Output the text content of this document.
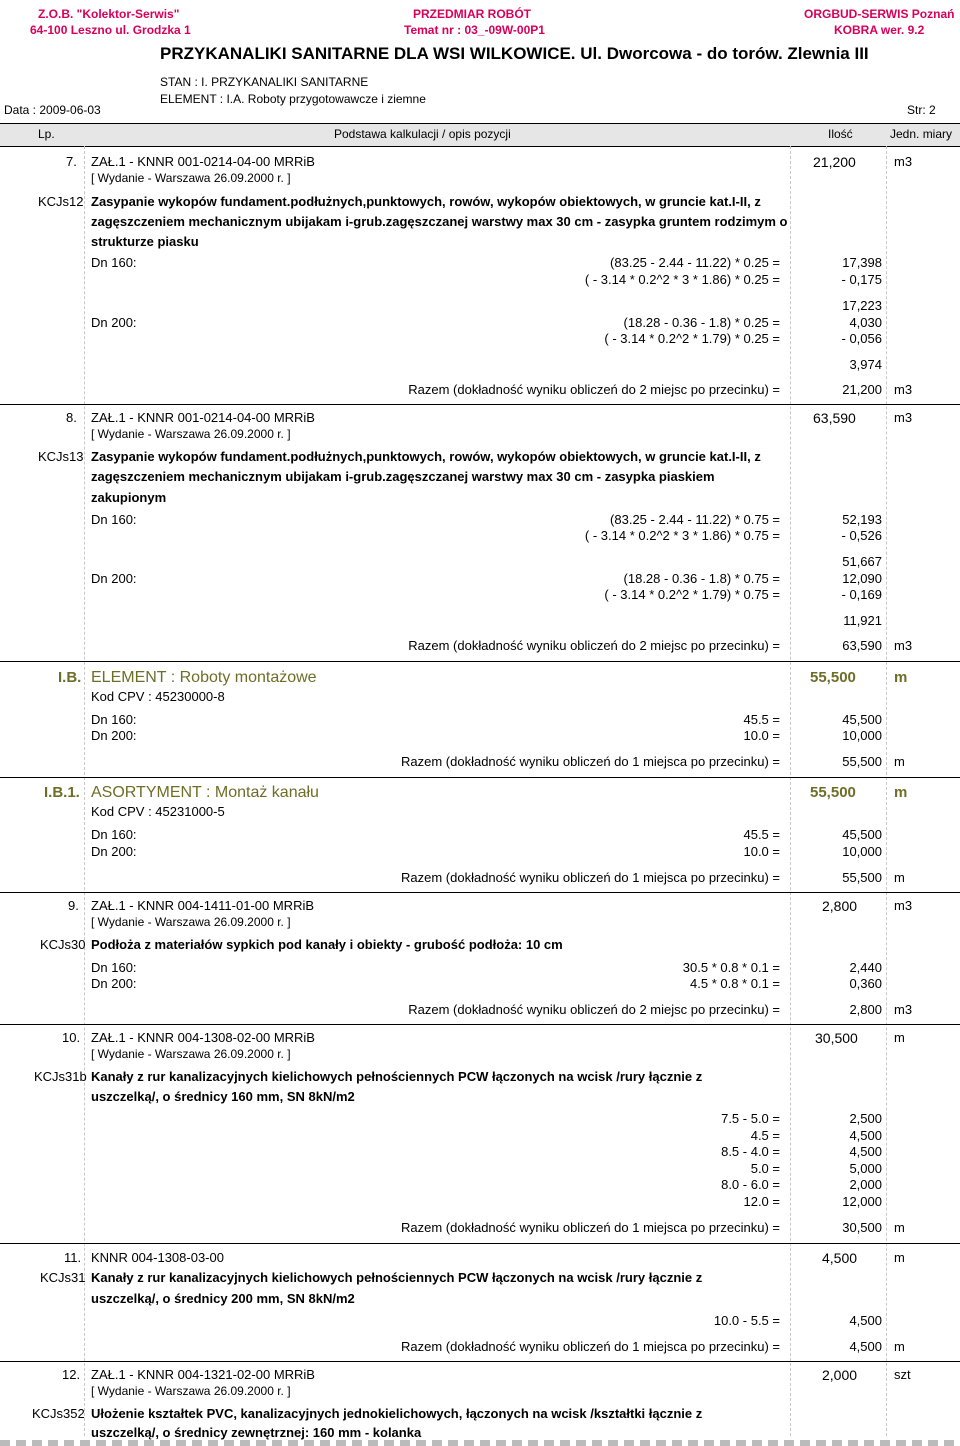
Z.O.B. "Kolektor-Serwis"
64-100 Leszno ul. Grodzka 1
PRZEDMIAR ROBÓT
Temat nr : 03_-09W-00P1
ORGBUD-SERWIS Poznań
KOBRA wer. 9.2
PRZYKANALIKI SANITARNE DLA WSI WILKOWICE. Ul. Dworcowa - do torów. Zlewnia III
STAN : I. PRZYKANALIKI SANITARNE
ELEMENT : I.A. Roboty przygotowawcze i ziemne
Data : 2009-06-03	Str: 2
Lp.	Podstawa kalkulacji / opis pozycji	Ilość	Jedn. miary
7. ZAŁ.1 - KNNR 001-0214-04-00 MRRiB	21,200	m3
[ Wydanie - Warszawa 26.09.2000 r. ]
KCJs12 Zasypanie wykopów fundament.podłużnych,punktowych, rowów, wykopów obiektowych, w gruncie kat.I-II, z
zagęszczeniem mechanicznym ubijakam i-grub.zagęszczanej warstwy max 30 cm - zasypka gruntem rodzimym o
strukturze piasku
Dn 160:	(83.25 - 2.44 - 11.22) * 0.25 =	17,398
( - 3.14 * 0.2^2 * 3 * 1.86) * 0.25 =	- 0,175
17,223
Dn 200:	(18.28 - 0.36 - 1.8) * 0.25 =	4,030
( - 3.14 * 0.2^2 * 1.79) * 0.25 =	- 0,056
3,974
Razem (dokładność wyniku obliczeń do 2 miejsc po przecinku) =	21,200 m3
8. ZAŁ.1 - KNNR 001-0214-04-00 MRRiB	63,590	m3
[ Wydanie - Warszawa 26.09.2000 r. ]
KCJs13 Zasypanie wykopów fundament.podłużnych,punktowych, rowów, wykopów obiektowych, w gruncie kat.I-II, z
zagęszczeniem mechanicznym ubijakam i-grub.zagęszczanej warstwy max 30 cm - zasypka piaskiem
zakupionym
Dn 160:	(83.25 - 2.44 - 11.22) * 0.75 =	52,193
( - 3.14 * 0.2^2 * 3 * 1.86) * 0.75 =	- 0,526
51,667
Dn 200:	(18.28 - 0.36 - 1.8) * 0.75 =	12,090
( - 3.14 * 0.2^2 * 1.79) * 0.75 =	- 0,169
11,921
Razem (dokładność wyniku obliczeń do 2 miejsc po przecinku) =	63,590 m3
I.B. ELEMENT : Roboty montażowe	55,500	m
Kod CPV : 45230000-8
Dn 160:	45.5 =	45,500
Dn 200:	10.0 =	10,000
Razem (dokładność wyniku obliczeń do 1 miejsca po przecinku) =	55,500 m
I.B.1. ASORTYMENT : Montaż kanału	55,500	m
Kod CPV : 45231000-5
Dn 160:	45.5 =	45,500
Dn 200:	10.0 =	10,000
Razem (dokładność wyniku obliczeń do 1 miejsca po przecinku) =	55,500 m
9. ZAŁ.1 - KNNR 004-1411-01-00 MRRiB	2,800	m3
[ Wydanie - Warszawa 26.09.2000 r. ]
KCJs30 Podłoża z materiałów sypkich pod kanały i obiekty - grubość podłoża: 10 cm
Dn 160:	30.5 * 0.8 * 0.1 =	2,440
Dn 200:	4.5 * 0.8 * 0.1 =	0,360
Razem (dokładność wyniku obliczeń do 2 miejsc po przecinku) =	2,800 m3
10. ZAŁ.1 - KNNR 004-1308-02-00 MRRiB	30,500	m
[ Wydanie - Warszawa 26.09.2000 r. ]
KCJs31b Kanały z rur kanalizacyjnych kielichowych pełnościennych PCW łączonych na wcisk /rury łącznie z
uszczelką/, o średnicy 160 mm, SN 8kN/m2
7.5 - 5.0 =	2,500
4.5 =	4,500
8.5 - 4.0 =	4,500
5.0 =	5,000
8.0 - 6.0 =	2,000
12.0 =	12,000
Razem (dokładność wyniku obliczeń do 1 miejsca po przecinku) =	30,500 m
11. KNNR 004-1308-03-00	4,500	m
KCJs31 Kanały z rur kanalizacyjnych kielichowych pełnościennych PCW łączonych na wcisk /rury łącznie z
uszczelką/, o średnicy 200 mm, SN 8kN/m2
10.0 - 5.5 =	4,500
Razem (dokładność wyniku obliczeń do 1 miejsca po przecinku) =	4,500 m
12. ZAŁ.1 - KNNR 004-1321-02-00 MRRiB	2,000	szt
[ Wydanie - Warszawa 26.09.2000 r. ]
KCJs352 Ułożenie kształtek PVC, kanalizacyjnych jednokielichowych, łączonych na wcisk /kształtki łącznie z
uszczelką/, o średnicy zewnętrznej: 160 mm - kolanka
